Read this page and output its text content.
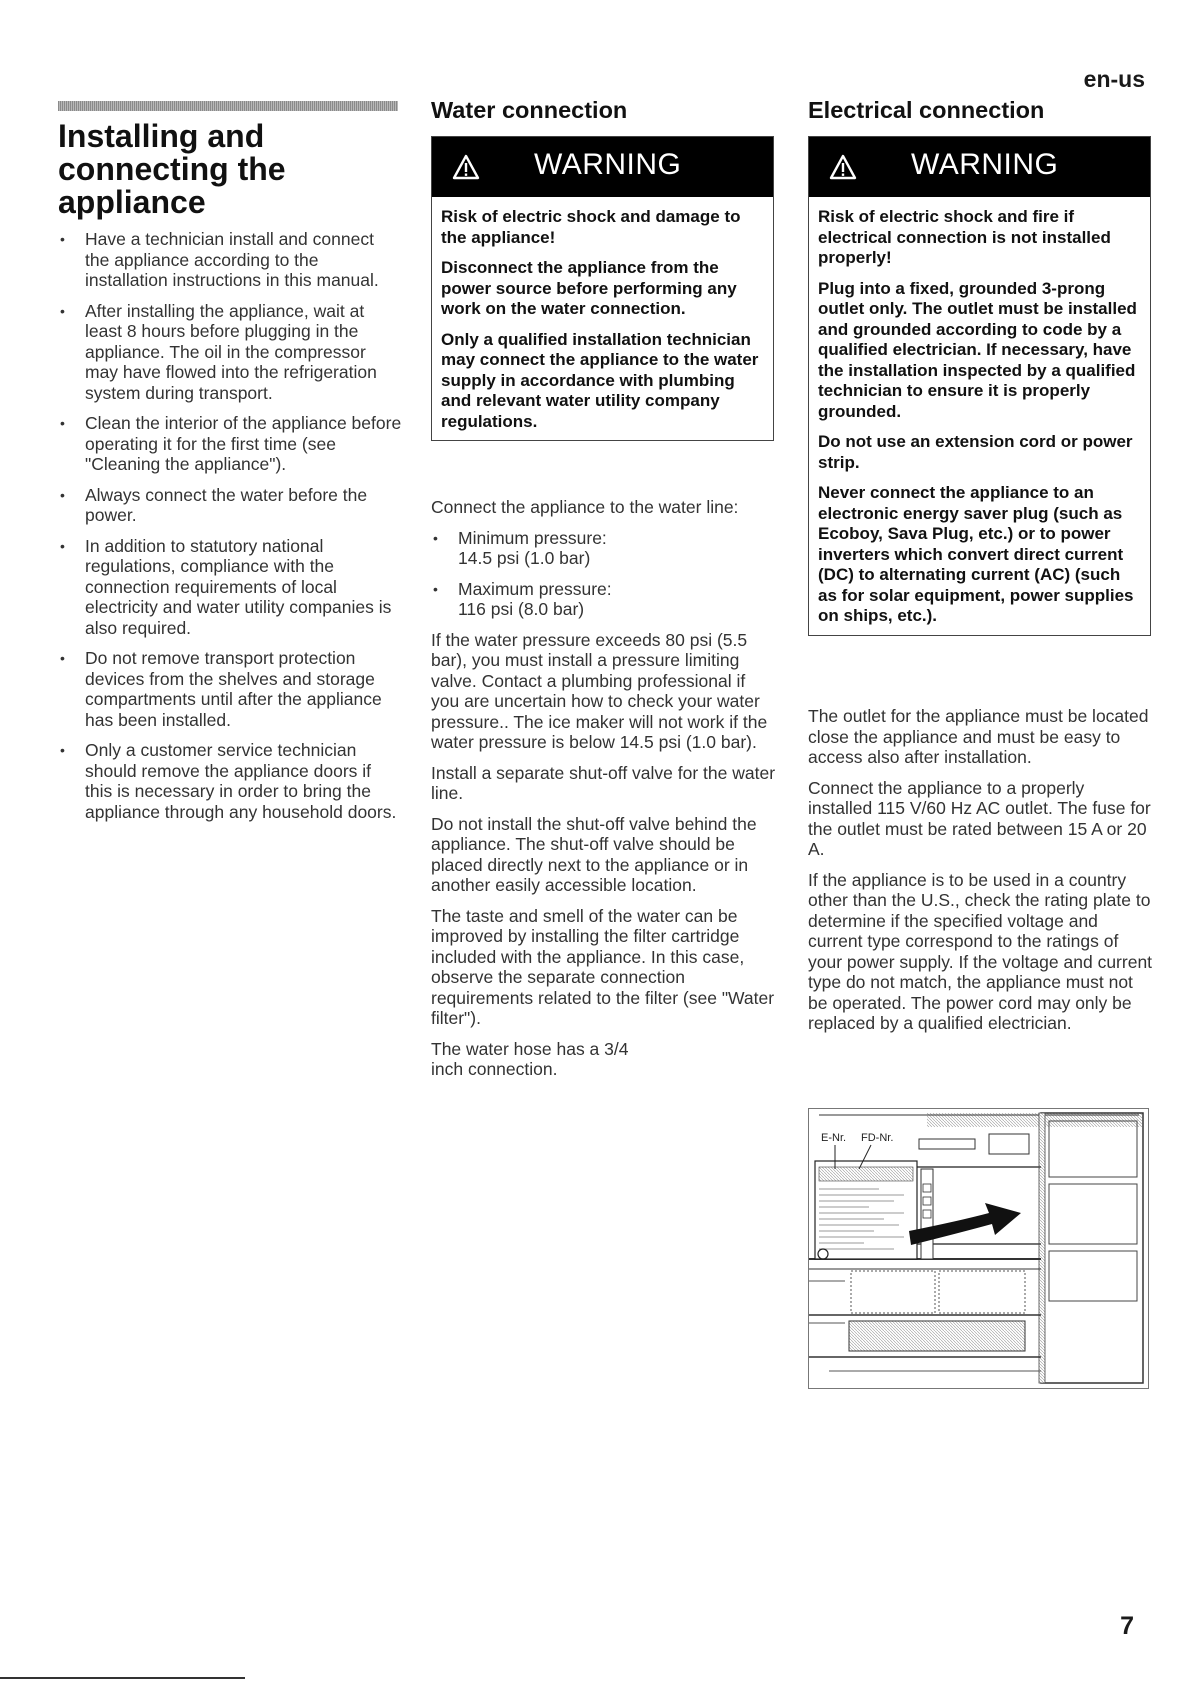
en-us
Installing and connecting the appliance
• Have a technician install and connect the appliance according to the installation instructions in this manual.
• After installing the appliance, wait at least 8 hours before plugging in the appliance. The oil in the compressor may have flowed into the refrigeration system during transport.
• Clean the interior of the appliance before operating it for the first time (see "Cleaning the appliance").
• Always connect the water before the power.
• In addition to statutory national regulations, compliance with the connection requirements of local electricity and water utility companies is also required.
• Do not remove transport protection devices from the shelves and storage compartments until after the appliance has been installed.
• Only a customer service technician should remove the appliance doors if this is necessary in order to bring the appliance through any household doors.
Water connection
WARNING

Risk of electric shock and damage to the appliance!

Disconnect the appliance from the power source before performing any work on the water connection.

Only a qualified installation technician may connect the appliance to the water supply in accordance with plumbing and relevant water utility company regulations.

Connect the appliance to the water line:

• Minimum pressure:
14.5 psi (1.0 bar)
• Maximum pressure:
116 psi (8.0 bar)

If the water pressure exceeds 80 psi (5.5 bar), you must install a pressure limiting valve. Contact a plumbing professional if you are uncertain how to check your water pressure.. The ice maker will not work if the water pressure is below 14.5 psi (1.0 bar).

Install a separate shut-off valve for the water line.

Do not install the shut-off valve behind the appliance. The shut-off valve should be placed directly next to the appliance or in another easily accessible location.

The taste and smell of the water can be improved by installing the filter cartridge included with the appliance. In this case, observe the separate connection requirements related to the filter (see "Water filter").

The water hose has a 3/4 inch connection.

Electrical connection
WARNING

Risk of electric shock and fire if electrical connection is not installed properly!

Plug into a fixed, grounded 3-prong outlet only. The outlet must be installed and grounded according to code by a qualified electrician. If necessary, have the installation inspected by a qualified technician to ensure it is properly grounded.

Do not use an extension cord or power strip.

Never connect the appliance to an electronic energy saver plug (such as Ecoboy, Sava Plug, etc.) or to power inverters which convert direct current (DC) to alternating current (AC) (such as for solar equipment, power supplies on ships, etc.).

The outlet for the appliance must be located close the appliance and must be easy to access also after installation.

Connect the appliance to a properly installed 115 V/60 Hz AC outlet. The fuse for the outlet must be rated between 15 A or 20 A.

If the appliance is to be used in a country other than the U.S., check the rating plate to determine if the specified voltage and current type correspond to the ratings of your power supply. If the voltage and current type do not match, the appliance must not be operated. The power cord may only be replaced by a qualified electrician.

E-Nr. FD-Nr.
7
